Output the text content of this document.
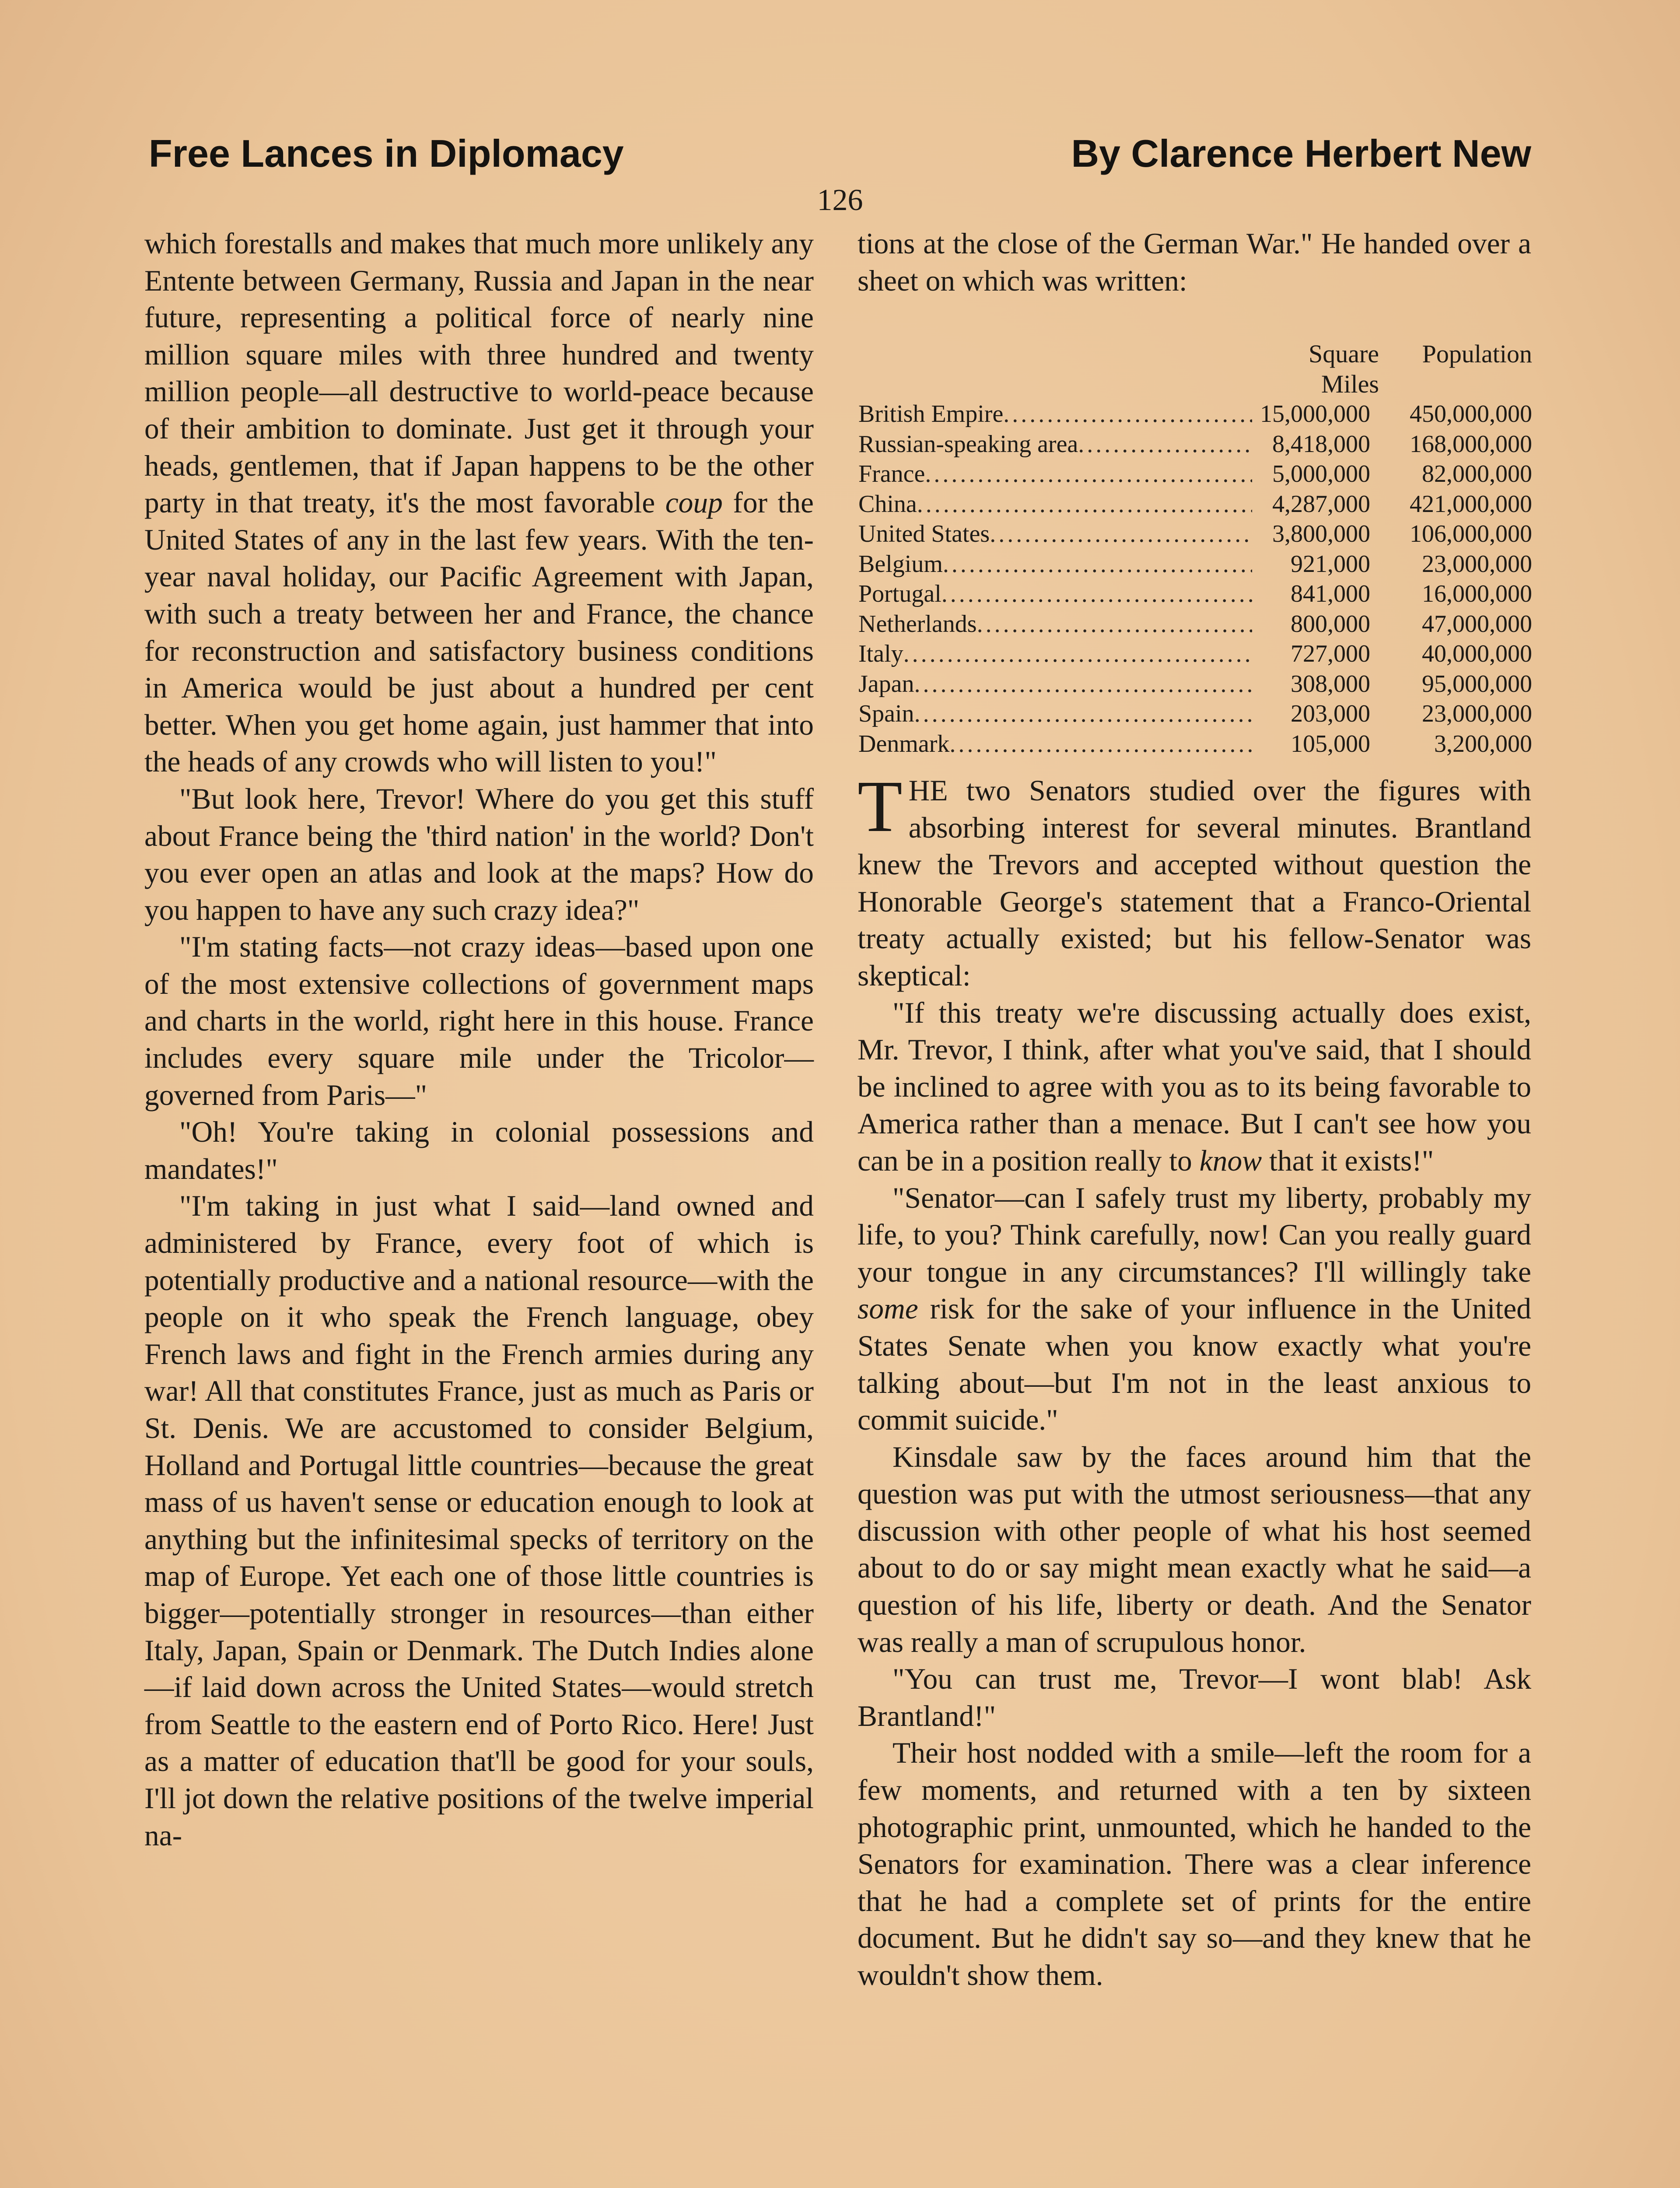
Free Lances in Diplomacy	By Clarence Herbert New
126

which forestalls and makes that much more unlikely any Entente between Germany, Russia and Japan in the near future, representing a political force of nearly nine million square miles with three hundred and twenty million people—all destructive to world-peace because of their ambition to dominate. Just get it through your heads, gentlemen, that if Japan happens to be the other party in that treaty, it's the most favorable coup for the United States of any in the last few years. With the ten-year naval holiday, our Pacific Agreement with Japan, with such a treaty between her and France, the chance for reconstruction and satisfactory business conditions in America would be just about a hundred per cent better. When you get home again, just hammer that into the heads of any crowds who will listen to you!"

"But look here, Trevor! Where do you get this stuff about France being the 'third nation' in the world? Don't you ever open an atlas and look at the maps? How do you happen to have any such crazy idea?"

"I'm stating facts—not crazy ideas—based upon one of the most extensive collections of government maps and charts in the world, right here in this house. France includes every square mile under the Tricolor—governed from Paris—"

"Oh! You're taking in colonial possessions and mandates!"

"I'm taking in just what I said—land owned and administered by France, every foot of which is potentially productive and a national resource—with the people on it who speak the French language, obey French laws and fight in the French armies during any war! All that constitutes France, just as much as Paris or St. Denis. We are accustomed to consider Belgium, Holland and Portugal little countries—because the great mass of us haven't sense or education enough to look at anything but the infinitesimal specks of territory on the map of Europe. Yet each one of those little countries is bigger—potentially stronger in resources—than either Italy, Japan, Spain or Denmark. The Dutch Indies alone—if laid down across the United States—would stretch from Seattle to the eastern end of Porto Rico. Here! Just as a matter of education that'll be good for your souls, I'll jot down the relative positions of the twelve imperial na-

tions at the close of the German War." He handed over a sheet on which was written:

Square Miles
Population
British Empire .....	15,000,000	450,000,000
Russian-speaking area .....	8,418,000	168,000,000
France .....	5,000,000	82,000,000
China .....	4,287,000	421,000,000
United States .....	3,800,000	106,000,000
Belgium .....	921,000	23,000,000
Portugal .....	841,000	16,000,000
Netherlands .....	800,000	47,000,000
Italy .....	727,000	40,000,000
Japan .....	308,000	95,000,000
Spain .....	203,000	23,000,000
Denmark .....	105,000	3,200,000

THE two Senators studied over the figures with absorbing interest for several minutes. Brantland knew the Trevors and accepted without question the Honorable George's statement that a Franco-Oriental treaty actually existed; but his fellow-Senator was skeptical:

"If this treaty we're discussing actually does exist, Mr. Trevor, I think, after what you've said, that I should be inclined to agree with you as to its being favorable to America rather than a menace. But I can't see how you can be in a position really to know that it exists!"

"Senator—can I safely trust my liberty, probably my life, to you? Think carefully, now! Can you really guard your tongue in any circumstances? I'll willingly take some risk for the sake of your influence in the United States Senate when you know exactly what you're talking about—but I'm not in the least anxious to commit suicide."

Kinsdale saw by the faces around him that the question was put with the utmost seriousness—that any discussion with other people of what his host seemed about to do or say might mean exactly what he said—a question of his life, liberty or death. And the Senator was really a man of scrupulous honor.

"You can trust me, Trevor—I wont blab! Ask Brantland!"

Their host nodded with a smile—left the room for a few moments, and returned with a ten by sixteen photographic print, unmounted, which he handed to the Senators for examination. There was a clear inference that he had a complete set of prints for the entire document. But he didn't say so—and they knew that he wouldn't show them.
